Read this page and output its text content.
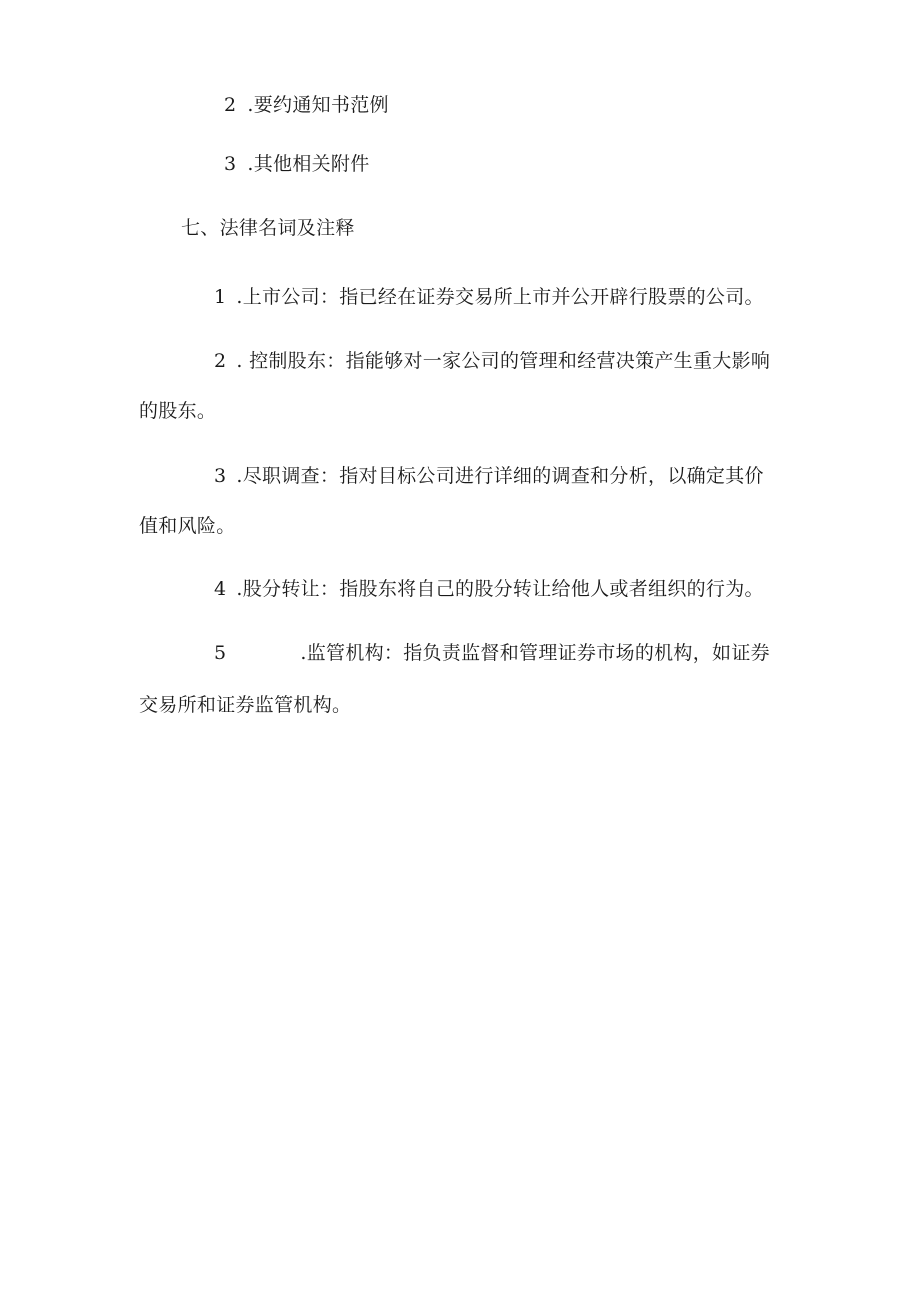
2 .要约通知书范例
3 .其他相关附件
七、法律名词及注释
1 .上市公司：指已经在证券交易所上市并公开辟行股票的公司。
2 . 控制股东：指能够对一家公司的管理和经营决策产生重大影响
的股东。
3 .尽职调查：指对目标公司进行详细的调查和分析，以确定其价
值和风险。
4 .股分转让：指股东将自己的股分转让给他人或者组织的行为。
5	.监管机构：指负责监督和管理证券市场的机构，如证券
交易所和证券监管机构。
